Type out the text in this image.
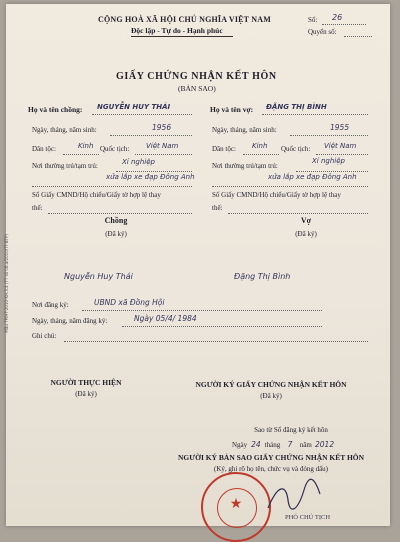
Mẫu TP/HT-2010-KH.3.4 (TT số 08.a/2010/TT-BTP)
CỘNG HOÀ XÃ HỘI CHỦ NGHĨA VIỆT NAM
Độc lập - Tự do - Hạnh phúc
Số: 26
Quyển số:
GIẤY CHỨNG NHẬN KẾT HÔN
(BẢN SAO)
Họ và tên chồng: NGUYỄN HUY THÁI
Ngày, tháng, năm sinh:	1956
Dân tộc:	Kinh Quốc tịch: Việt Nam
Nơi thường trú/tạm trú:	Xí nghiệp
xửa lắp xe đạp Đông Anh
Số Giấy CMND/Hộ chiếu/Giấy tờ hợp lệ thay
thế:
Họ và tên vợ: ĐẶNG THỊ BÌNH
Ngày, tháng, năm sinh:	1955
Dân tộc: Kinh Quốc tịch: Việt Nam
Nơi thường trú/tạm trú:
Xí nghiệp
xửa lắp xe đạp Đông Anh
Số Giấy CMND/Hộ chiếu/Giấy tờ hợp lệ thay
thế:
Chồng
(Đã ký)
Vợ
(Đã ký)
Nguyễn Huy Thái	Đặng Thị Bình
Nơi đăng ký:	UBND xã Đồng Hội
Ngày, tháng, năm đăng ký:	Ngày 05/4/ 1984
Ghi chú:
NGƯỜI THỰC HIỆN
(Đã ký)
NGƯỜI KÝ GIẤY CHỨNG NHẬN KẾT HÔN
(Đã ký)
Sao từ Sổ đăng ký kết hôn
Ngày 24 tháng 7 năm 2012
NGƯỜI KÝ BẢN SAO GIẤY CHỨNG NHẬN KẾT HÔN
(Ký, ghi rõ họ tên, chức vụ và đóng dấu)
★
PHÓ CHỦ TỊCH
